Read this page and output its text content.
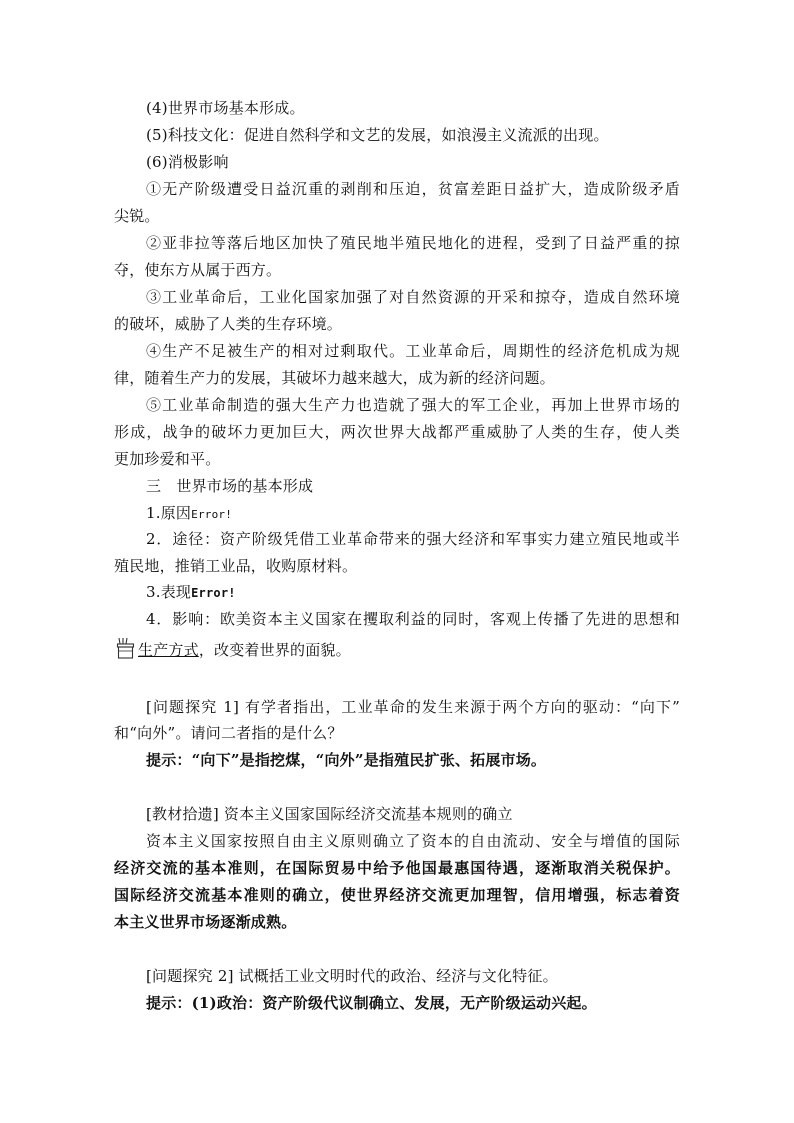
(4)世界市场基本形成。
(5)科技文化：促进自然科学和文艺的发展，如浪漫主义流派的出现。
(6)消极影响
①无产阶级遭受日益沉重的剥削和压迫，贫富差距日益扩大，造成阶级矛盾
尖锐。
②亚非拉等落后地区加快了殖民地半殖民地化的进程，受到了日益严重的掠
夺，使东方从属于西方。
③工业革命后，工业化国家加强了对自然资源的开采和掠夺，造成自然环境
的破坏，威胁了人类的生存环境。
④生产不足被生产的相对过剩取代。工业革命后，周期性的经济危机成为规
律，随着生产力的发展，其破坏力越来越大，成为新的经济问题。
⑤工业革命制造的强大生产力也造就了强大的军工企业，再加上世界市场的
形成，战争的破坏力更加巨大，两次世界大战都严重威胁了人类的生存，使人类
更加珍爱和平。
三　世界市场的基本形成
1.原因Error!
2．途径：资产阶级凭借工业革命带来的强大经济和军事实力建立殖民地或半
殖民地，推销工业品，收购原材料。
3.表现Error!
4．影响：欧美资本主义国家在攫取利益的同时，客观上传播了先进的思想和
生产方式，改变着世界的面貌。
[问题探究 1] 有学者指出，工业革命的发生来源于两个方向的驱动：“向下”
和“向外”。请问二者指的是什么？
提示：“向下”是指挖煤，“向外”是指殖民扩张、拓展市场。
[教材拾遗] 资本主义国家国际经济交流基本规则的确立
资本主义国家按照自由主义原则确立了资本的自由流动、安全与增值的国际
经济交流的基本准则，在国际贸易中给予他国最惠国待遇，逐渐取消关税保护。
国际经济交流基本准则的确立，使世界经济交流更加理智，信用增强，标志着资
本主义世界市场逐渐成熟。
[问题探究 2] 试概括工业文明时代的政治、经济与文化特征。
提示：(1)政治：资产阶级代议制确立、发展，无产阶级运动兴起。
